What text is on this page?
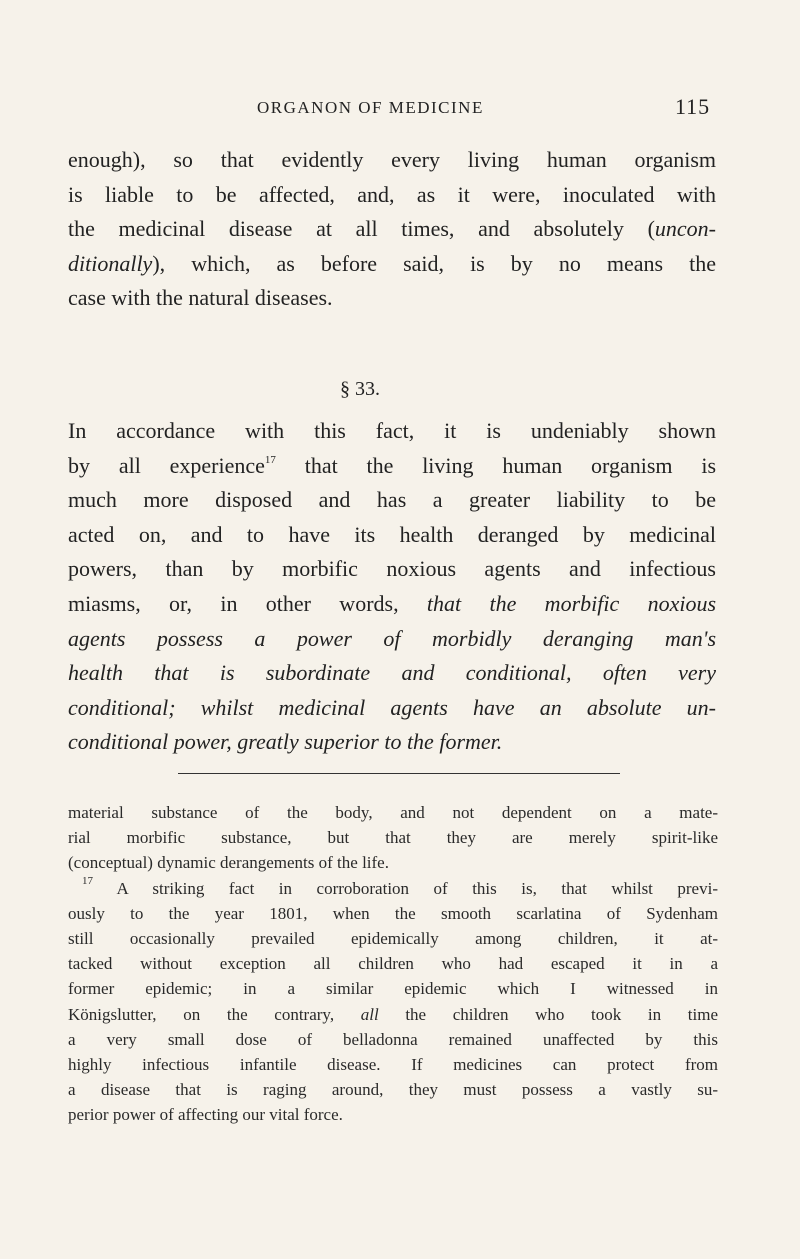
ORGANON OF MEDICINE	115
enough), so that evidently every living human organism
is liable to be affected, and, as it were, inoculated with
the medicinal disease at all times, and absolutely (uncon-
ditionally), which, as before said, is by no means the
case with the natural diseases.
§ 33.
In accordance with this fact, it is undeniably shown
by all experience$^{17}$ that the living human organism is
much more disposed and has a greater liability to be
acted on, and to have its health deranged by medicinal
powers, than by morbific noxious agents and infectious
miasms, or, in other words, that the morbific noxious
agents possess a power of morbidly deranging man's
health that is subordinate and conditional, often very
conditional; whilst medicinal agents have an absolute un-
conditional power, greatly superior to the former.
material substance of the body, and not dependent on a mate-
rial morbific substance, but that they are merely spirit-like
(conceptual) dynamic derangements of the life.
$^{17}$ A striking fact in corroboration of this is, that whilst previ-
ously to the year 1801, when the smooth scarlatina of Sydenham
still occasionally prevailed epidemically among children, it at-
tacked without exception all children who had escaped it in a
former epidemic; in a similar epidemic which I witnessed in
Königslutter, on the contrary, all the children who took in time
a very small dose of belladonna remained unaffected by this
highly infectious infantile disease. If medicines can protect from
a disease that is raging around, they must possess a vastly su-
perior power of affecting our vital force.
